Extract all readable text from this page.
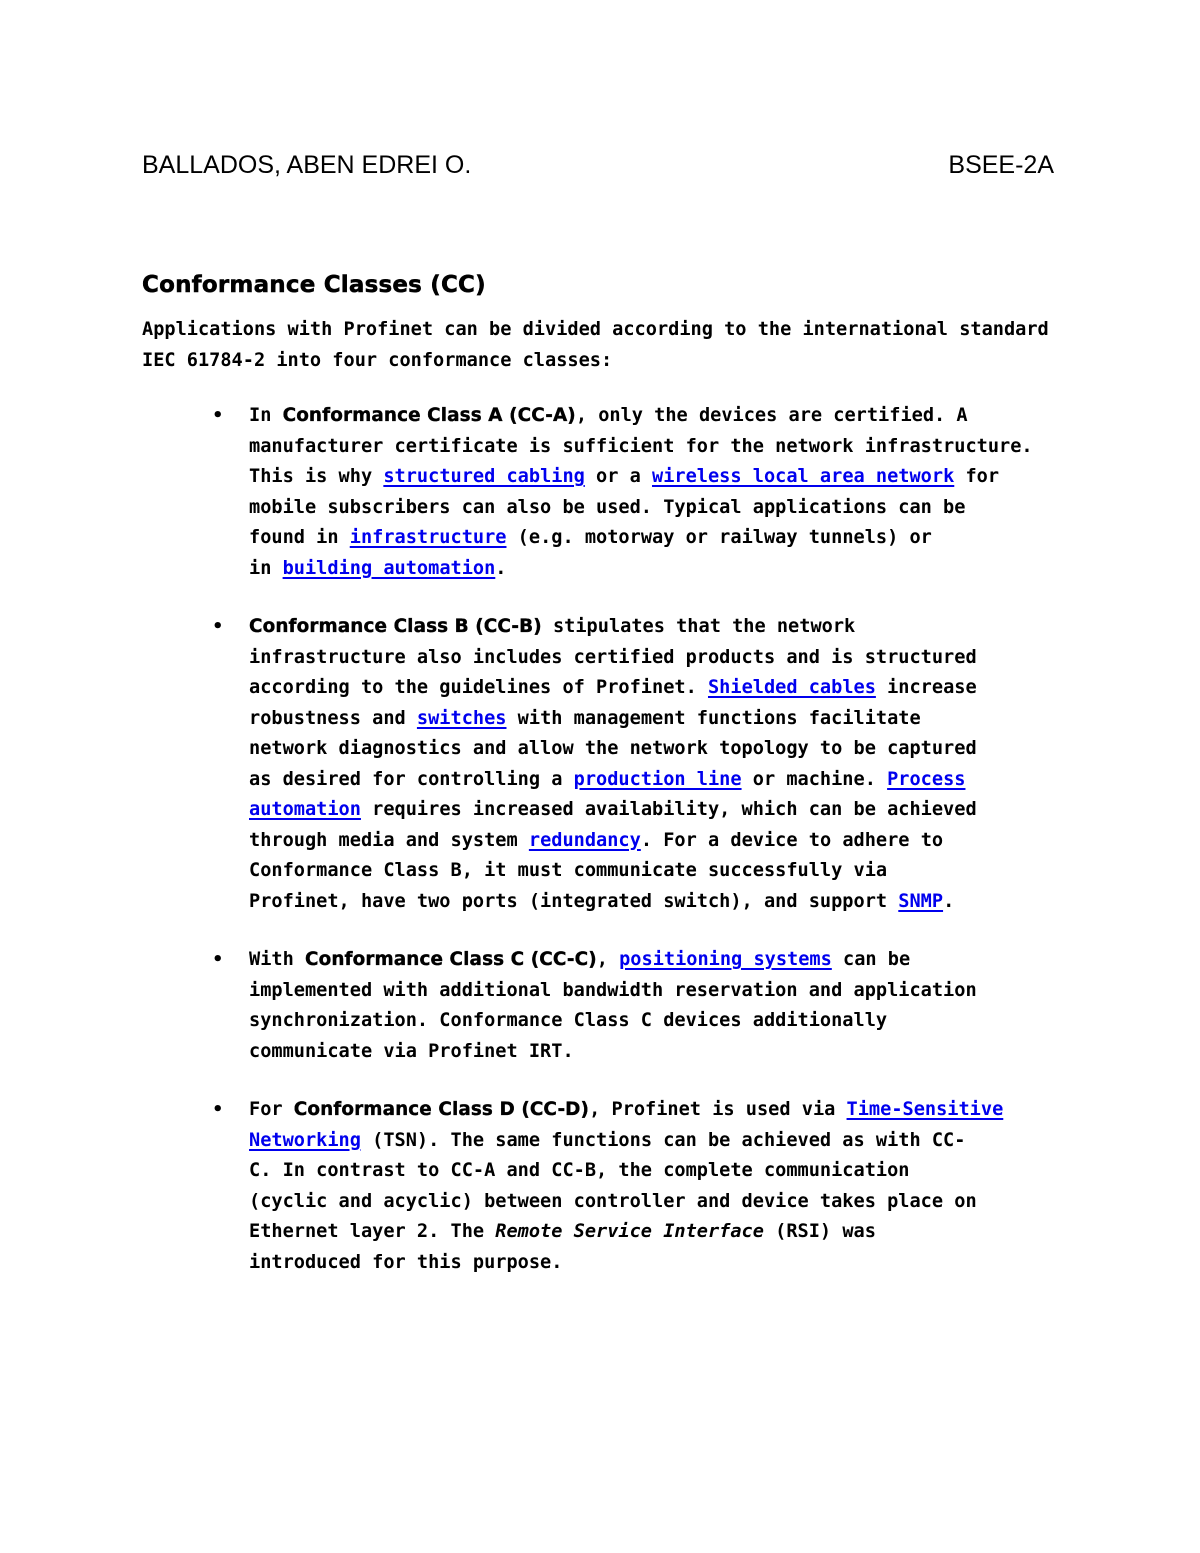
BALLADOS, ABEN EDREI O.	BSEE-2A
Conformance Classes (CC)

Applications with Profinet can be divided according to the international standard
IEC 61784-2 into four conformance classes:

• In Conformance Class A (CC-A), only the devices are certified. A
manufacturer certificate is sufficient for the network infrastructure.
This is why structured cabling or a wireless local area network for
mobile subscribers can also be used. Typical applications can be
found in infrastructure (e.g. motorway or railway tunnels) or
in building automation.
• Conformance Class B (CC-B) stipulates that the network
infrastructure also includes certified products and is structured
according to the guidelines of Profinet. Shielded cables increase
robustness and switches with management functions facilitate
network diagnostics and allow the network topology to be captured
as desired for controlling a production line or machine. Process
automation requires increased availability, which can be achieved
through media and system redundancy. For a device to adhere to
Conformance Class B, it must communicate successfully via
Profinet, have two ports (integrated switch), and support SNMP.
• With Conformance Class C (CC-C), positioning systems can be
implemented with additional bandwidth reservation and application
synchronization. Conformance Class C devices additionally
communicate via Profinet IRT.
• For Conformance Class D (CC-D), Profinet is used via Time-Sensitive
Networking (TSN). The same functions can be achieved as with CC-
C. In contrast to CC-A and CC-B, the complete communication
(cyclic and acyclic) between controller and device takes place on
Ethernet layer 2. The Remote Service Interface (RSI) was
introduced for this purpose.
